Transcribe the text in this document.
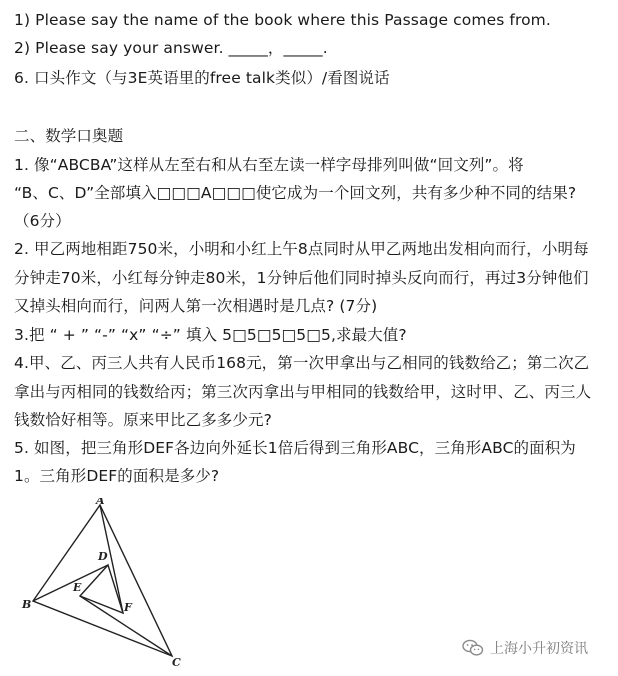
1) Please say the name of the book where this Passage comes from.
2) Please say your answer. _____，_____.
6. 口头作文（与3E英语里的free talk类似）/看图说话
二、数学口奥题
1. 像“ABCBA”这样从左至右和从右至左读一样字母排列叫做“回文列”。将
“B、C、D”全部填入□□□A□□□使它成为一个回文列，共有多少种不同的结果?
（6分）
2. 甲乙两地相距750米，小明和小红上午8点同时从甲乙两地出发相向而行，小明每
分钟走70米，小红每分钟走80米，1分钟后他们同时掉头反向而行，再过3分钟他们
又掉头相向而行，问两人第一次相遇时是几点? (7分)
3.把 “ + ” “-” “x” “÷” 填入 5□5□5□5□5,求最大值?
4.甲、乙、丙三人共有人民币168元，第一次甲拿出与乙相同的钱数给乙；第二次乙
拿出与丙相同的钱数给丙；第三次丙拿出与甲相同的钱数给甲，这时甲、乙、丙三人
钱数恰好相等。原来甲比乙多多少元?
5. 如图，把三角形DEF各边向外延长1倍后得到三角形ABC，三角形ABC的面积为
1。三角形DEF的面积是多少?
A
B
C
D
E
F
上海小升初资讯
